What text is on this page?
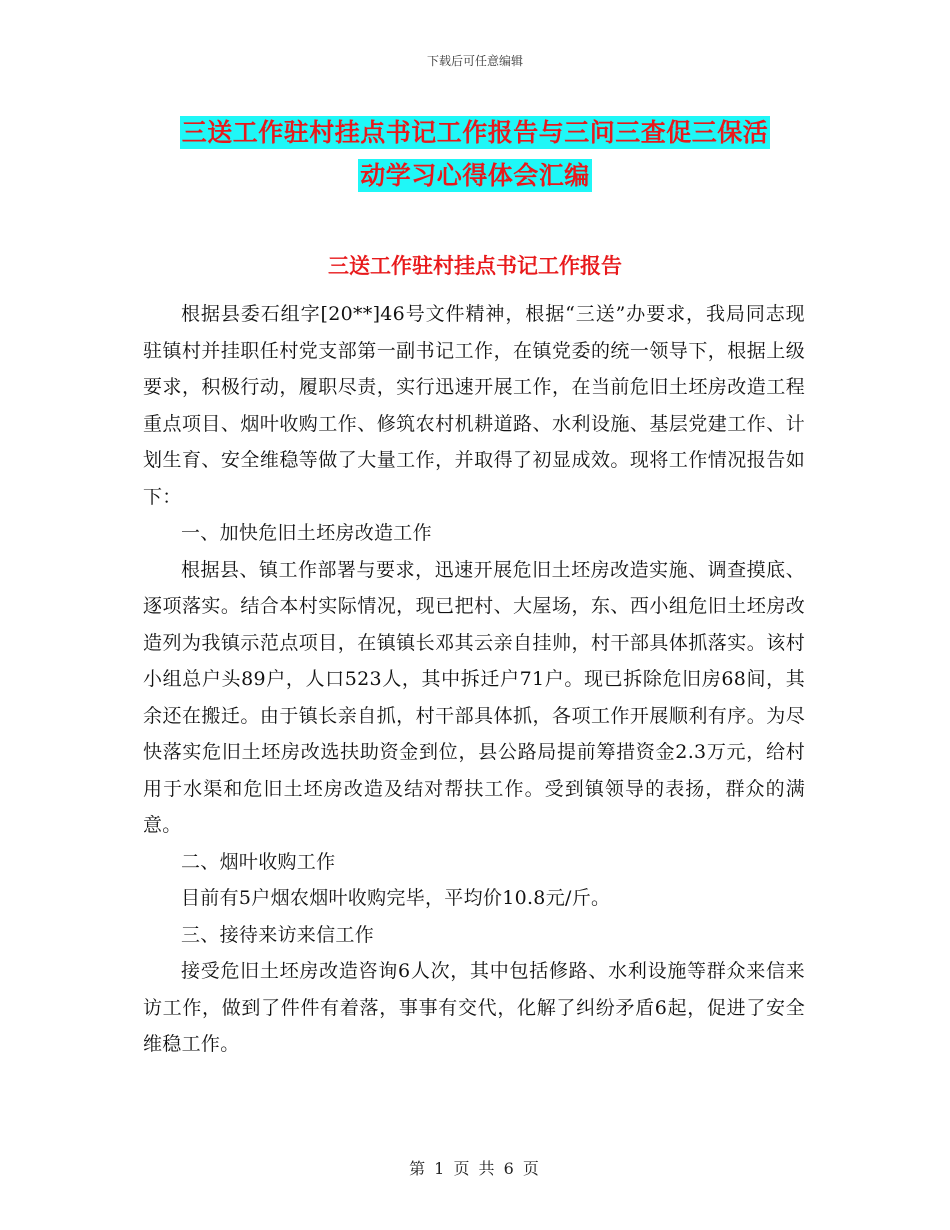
下载后可任意编辑
三送工作驻村挂点书记工作报告与三问三查促三保活
动学习心得体会汇编
三送工作驻村挂点书记工作报告

根据县委石组字[20**]46号文件精神，根据“三送”办要求，我局同志现驻镇村并挂职任村党支部第一副书记工作，在镇党委的统一领导下，根据上级要求，积极行动，履职尽责，实行迅速开展工作，在当前危旧土坯房改造工程重点项目、烟叶收购工作、修筑农村机耕道路、水利设施、基层党建工作、计划生育、安全维稳等做了大量工作，并取得了初显成效。现将工作情况报告如下：

一、加快危旧土坯房改造工作

根据县、镇工作部署与要求，迅速开展危旧土坯房改造实施、调查摸底、逐项落实。结合本村实际情况，现已把村、大屋场，东、西小组危旧土坯房改造列为我镇示范点项目，在镇镇长邓其云亲自挂帅，村干部具体抓落实。该村小组总户头89户，人口523人，其中拆迁户71户。现已拆除危旧房68间，其余还在搬迁。由于镇长亲自抓，村干部具体抓，各项工作开展顺利有序。为尽快落实危旧土坯房改选扶助资金到位，县公路局提前筹措资金2.3万元，给村用于水渠和危旧土坯房改造及结对帮扶工作。受到镇领导的表扬，群众的满意。

二、烟叶收购工作

目前有5户烟农烟叶收购完毕，平均价10.8元/斤。

三、接待来访来信工作

接受危旧土坯房改造咨询6人次，其中包括修路、水利设施等群众来信来访工作，做到了件件有着落，事事有交代，化解了纠纷矛盾6起，促进了安全维稳工作。

第 1 页 共 6 页
